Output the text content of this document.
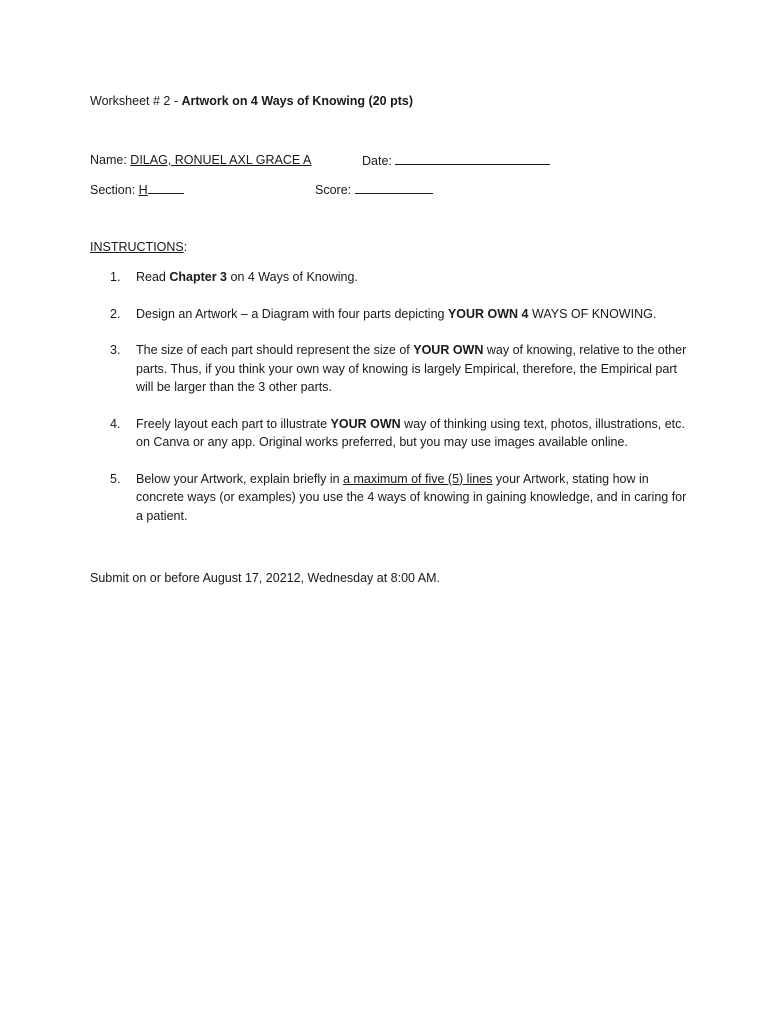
Worksheet # 2 - Artwork on 4 Ways of Knowing (20 pts)
Name: DILAG, RONUEL AXL GRACE A	Date:
Section: H	Score:
INSTRUCTIONS:
1. Read Chapter 3 on 4 Ways of Knowing.
2. Design an Artwork – a Diagram with four parts depicting YOUR OWN 4 WAYS OF KNOWING.
3. The size of each part should represent the size of YOUR OWN way of knowing, relative to the other parts. Thus, if you think your own way of knowing is largely Empirical, therefore, the Empirical part will be larger than the 3 other parts.
4. Freely layout each part to illustrate YOUR OWN way of thinking using text, photos, illustrations, etc. on Canva or any app. Original works preferred, but you may use images available online.
5. Below your Artwork, explain briefly in a maximum of five (5) lines your Artwork, stating how in concrete ways (or examples) you use the 4 ways of knowing in gaining knowledge, and in caring for a patient.
Submit on or before August 17, 20212, Wednesday at 8:00 AM.
